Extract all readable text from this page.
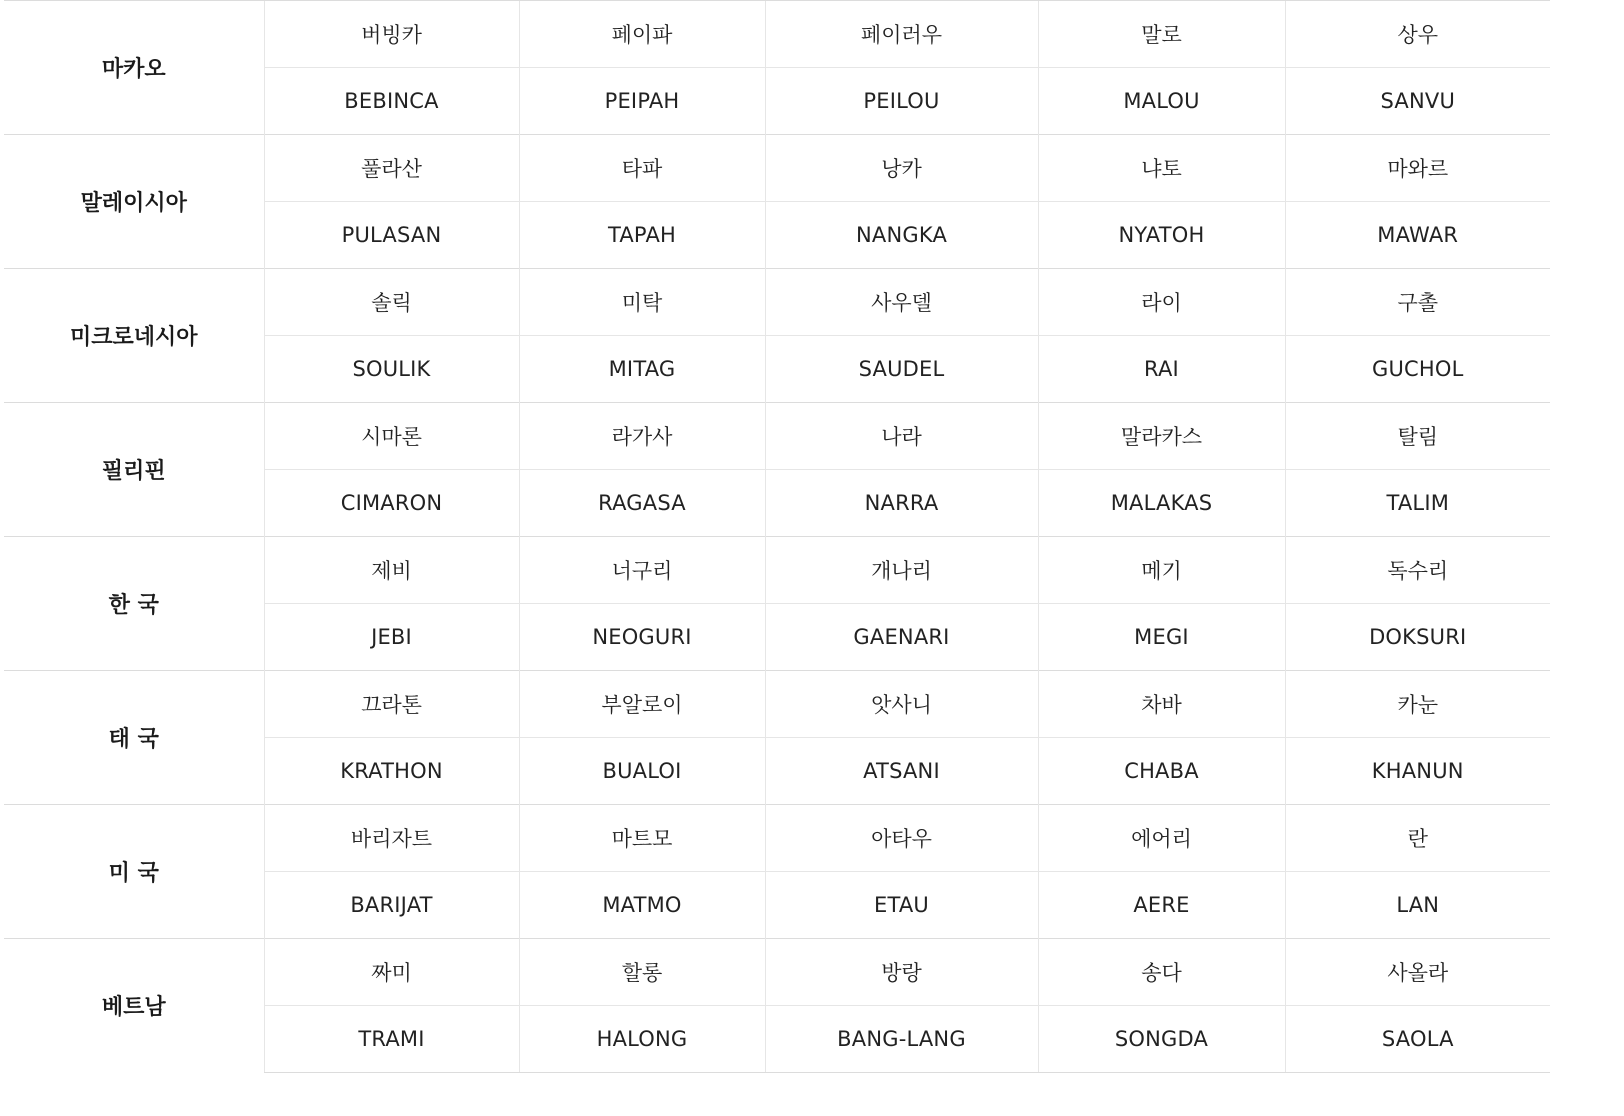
마카오	버빙카	페이파	페이러우	말로	상우
	BEBINCA	PEIPAH	PEILOU	MALOU	SANVU
말레이시아	풀라산	타파	낭카	냐토	마와르
	PULASAN	TAPAH	NANGKA	NYATOH	MAWAR
미크로네시아	솔릭	미탁	사우델	라이	구촐
	SOULIK	MITAG	SAUDEL	RAI	GUCHOL
필리핀	시마론	라가사	나라	말라카스	탈림
	CIMARON	RAGASA	NARRA	MALAKAS	TALIM
한 국	제비	너구리	개나리	메기	독수리
	JEBI	NEOGURI	GAENARI	MEGI	DOKSURI
태 국	끄라톤	부알로이	앗사니	차바	카눈
	KRATHON	BUALOI	ATSANI	CHABA	KHANUN
미 국	바리자트	마트모	아타우	에어리	란
	BARIJAT	MATMO	ETAU	AERE	LAN
베트남	짜미	할롱	방랑	송다	사올라
	TRAMI	HALONG	BANG-LANG	SONGDA	SAOLA
